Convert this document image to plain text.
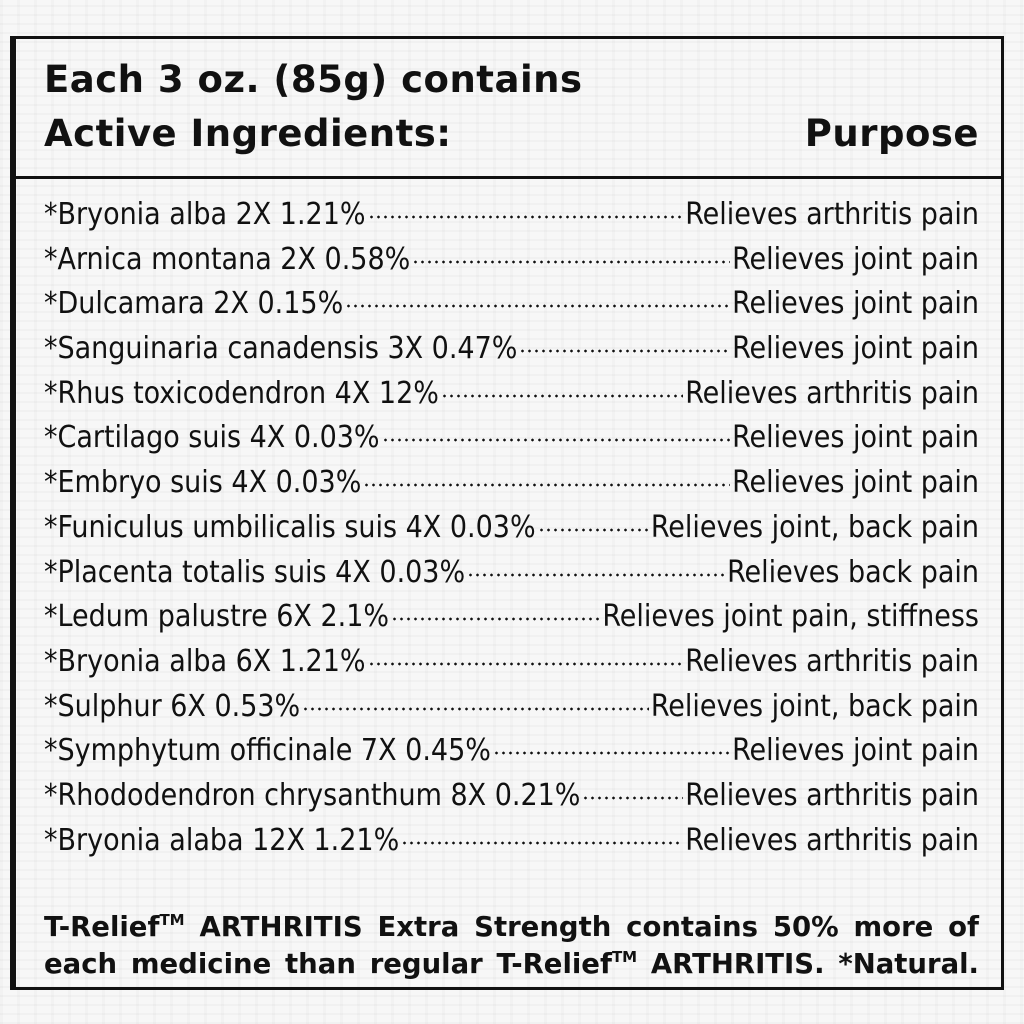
Each 3 oz. (85g) contains
Active Ingredients:	Purpose
*Bryonia alba 2X 1.21%	Relieves arthritis pain
*Arnica montana 2X 0.58%	Relieves joint pain
*Dulcamara 2X 0.15%	Relieves joint pain
*Sanguinaria canadensis 3X 0.47%	Relieves joint pain
*Rhus toxicodendron 4X 12%	Relieves arthritis pain
*Cartilago suis 4X 0.03%	Relieves joint pain
*Embryo suis 4X 0.03%	Relieves joint pain
*Funiculus umbilicalis suis 4X 0.03%	Relieves joint, back pain
*Placenta totalis suis 4X 0.03%	Relieves back pain
*Ledum palustre 6X 2.1%	Relieves joint pain, stiffness
*Bryonia alba 6X 1.21%	Relieves arthritis pain
*Sulphur 6X 0.53%	Relieves joint, back pain
*Symphytum officinale 7X 0.45%	Relieves joint pain
*Rhododendron chrysanthum 8X 0.21%	Relieves arthritis pain
*Bryonia alaba 12X 1.21%	Relieves arthritis pain
T-Relief™ ARTHRITIS Extra Strength contains 50% more of
each medicine than regular T-Relief™ ARTHRITIS. *Natural.
